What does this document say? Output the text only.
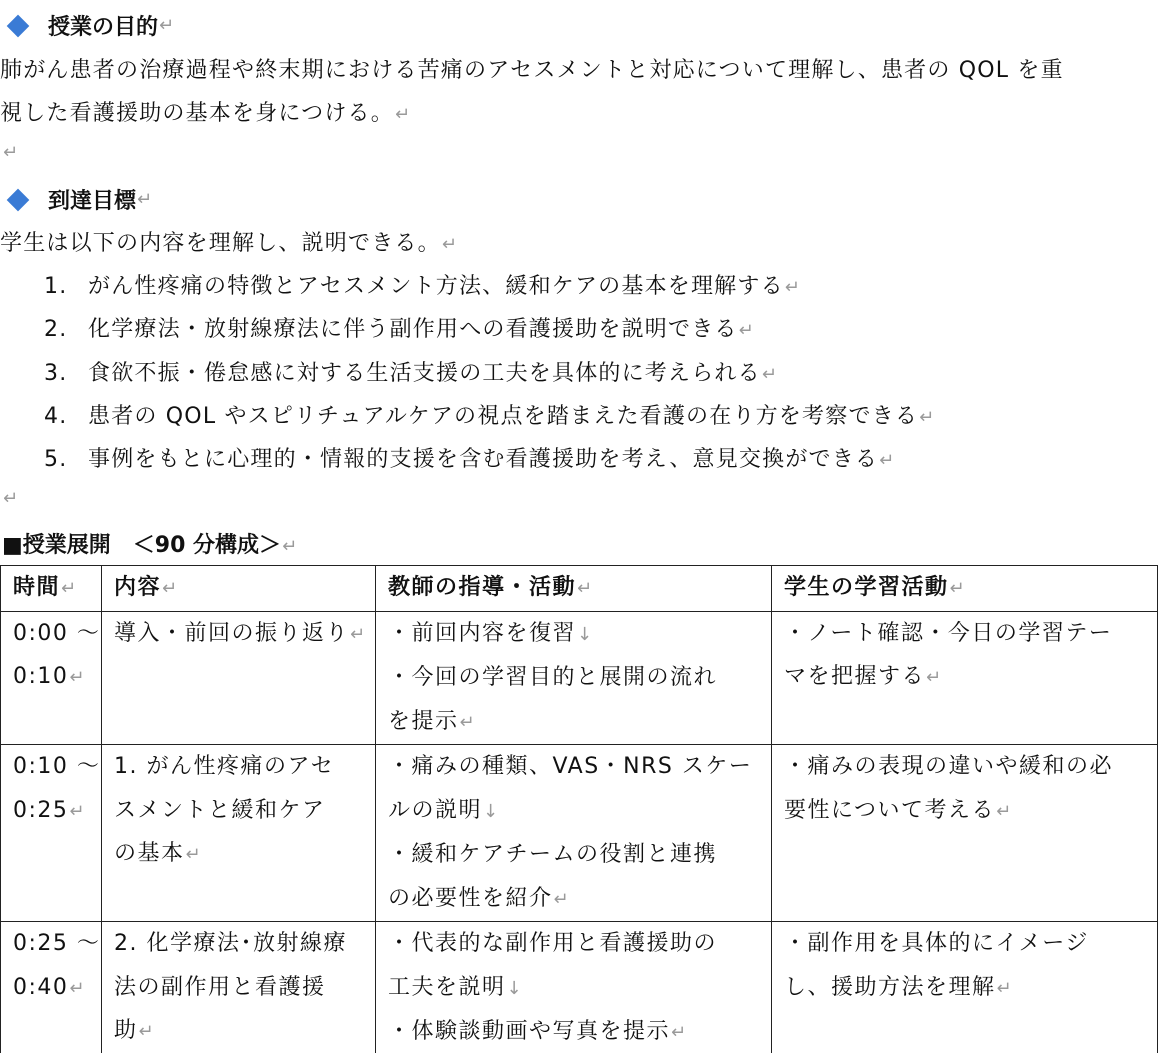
授業の目的 ↵
肺がん患者の治療過程や終末期における苦痛のアセスメントと対応について理解し、患者の QOL を重
視した看護援助の基本を身につける。↵
↵
到達目標 ↵
学生は以下の内容を理解し、説明できる。↵
1. がん性疼痛の特徴とアセスメント方法、緩和ケアの基本を理解する↵
2. 化学療法・放射線療法に伴う副作用への看護援助を説明できる↵
3. 食欲不振・倦怠感に対する生活支援の工夫を具体的に考えられる↵
4. 患者の QOL やスピリチュアルケアの視点を踏まえた看護の在り方を考察できる↵
5. 事例をもとに心理的・情報的支援を含む看護援助を考え、意見交換ができる↵
↵
■授業展開　＜90 分構成＞↵
時間↵	内容↵	教師の指導・活動↵	学生の学習活動↵

0:00 〜
0:10↵	導入・前回の振り返り↵	・前回内容を復習↓
・今回の学習目的と展開の流れ
を提示↵	・ノート確認・今日の学習テー
マを把握する↵

0:10 〜
0:25↵	1. がん性疼痛のアセ
スメントと緩和ケア
の基本↵	・痛みの種類、VAS・NRS スケー
ルの説明↓
・緩和ケアチームの役割と連携
の必要性を紹介↵	・痛みの表現の違いや緩和の必
要性について考える↵

0:25 〜
0:40↵	2. 化学療法･放射線療
法の副作用と看護援
助↵	・代表的な副作用と看護援助の
工夫を説明↓
・体験談動画や写真を提示↵	・副作用を具体的にイメージ
し、援助方法を理解↵
